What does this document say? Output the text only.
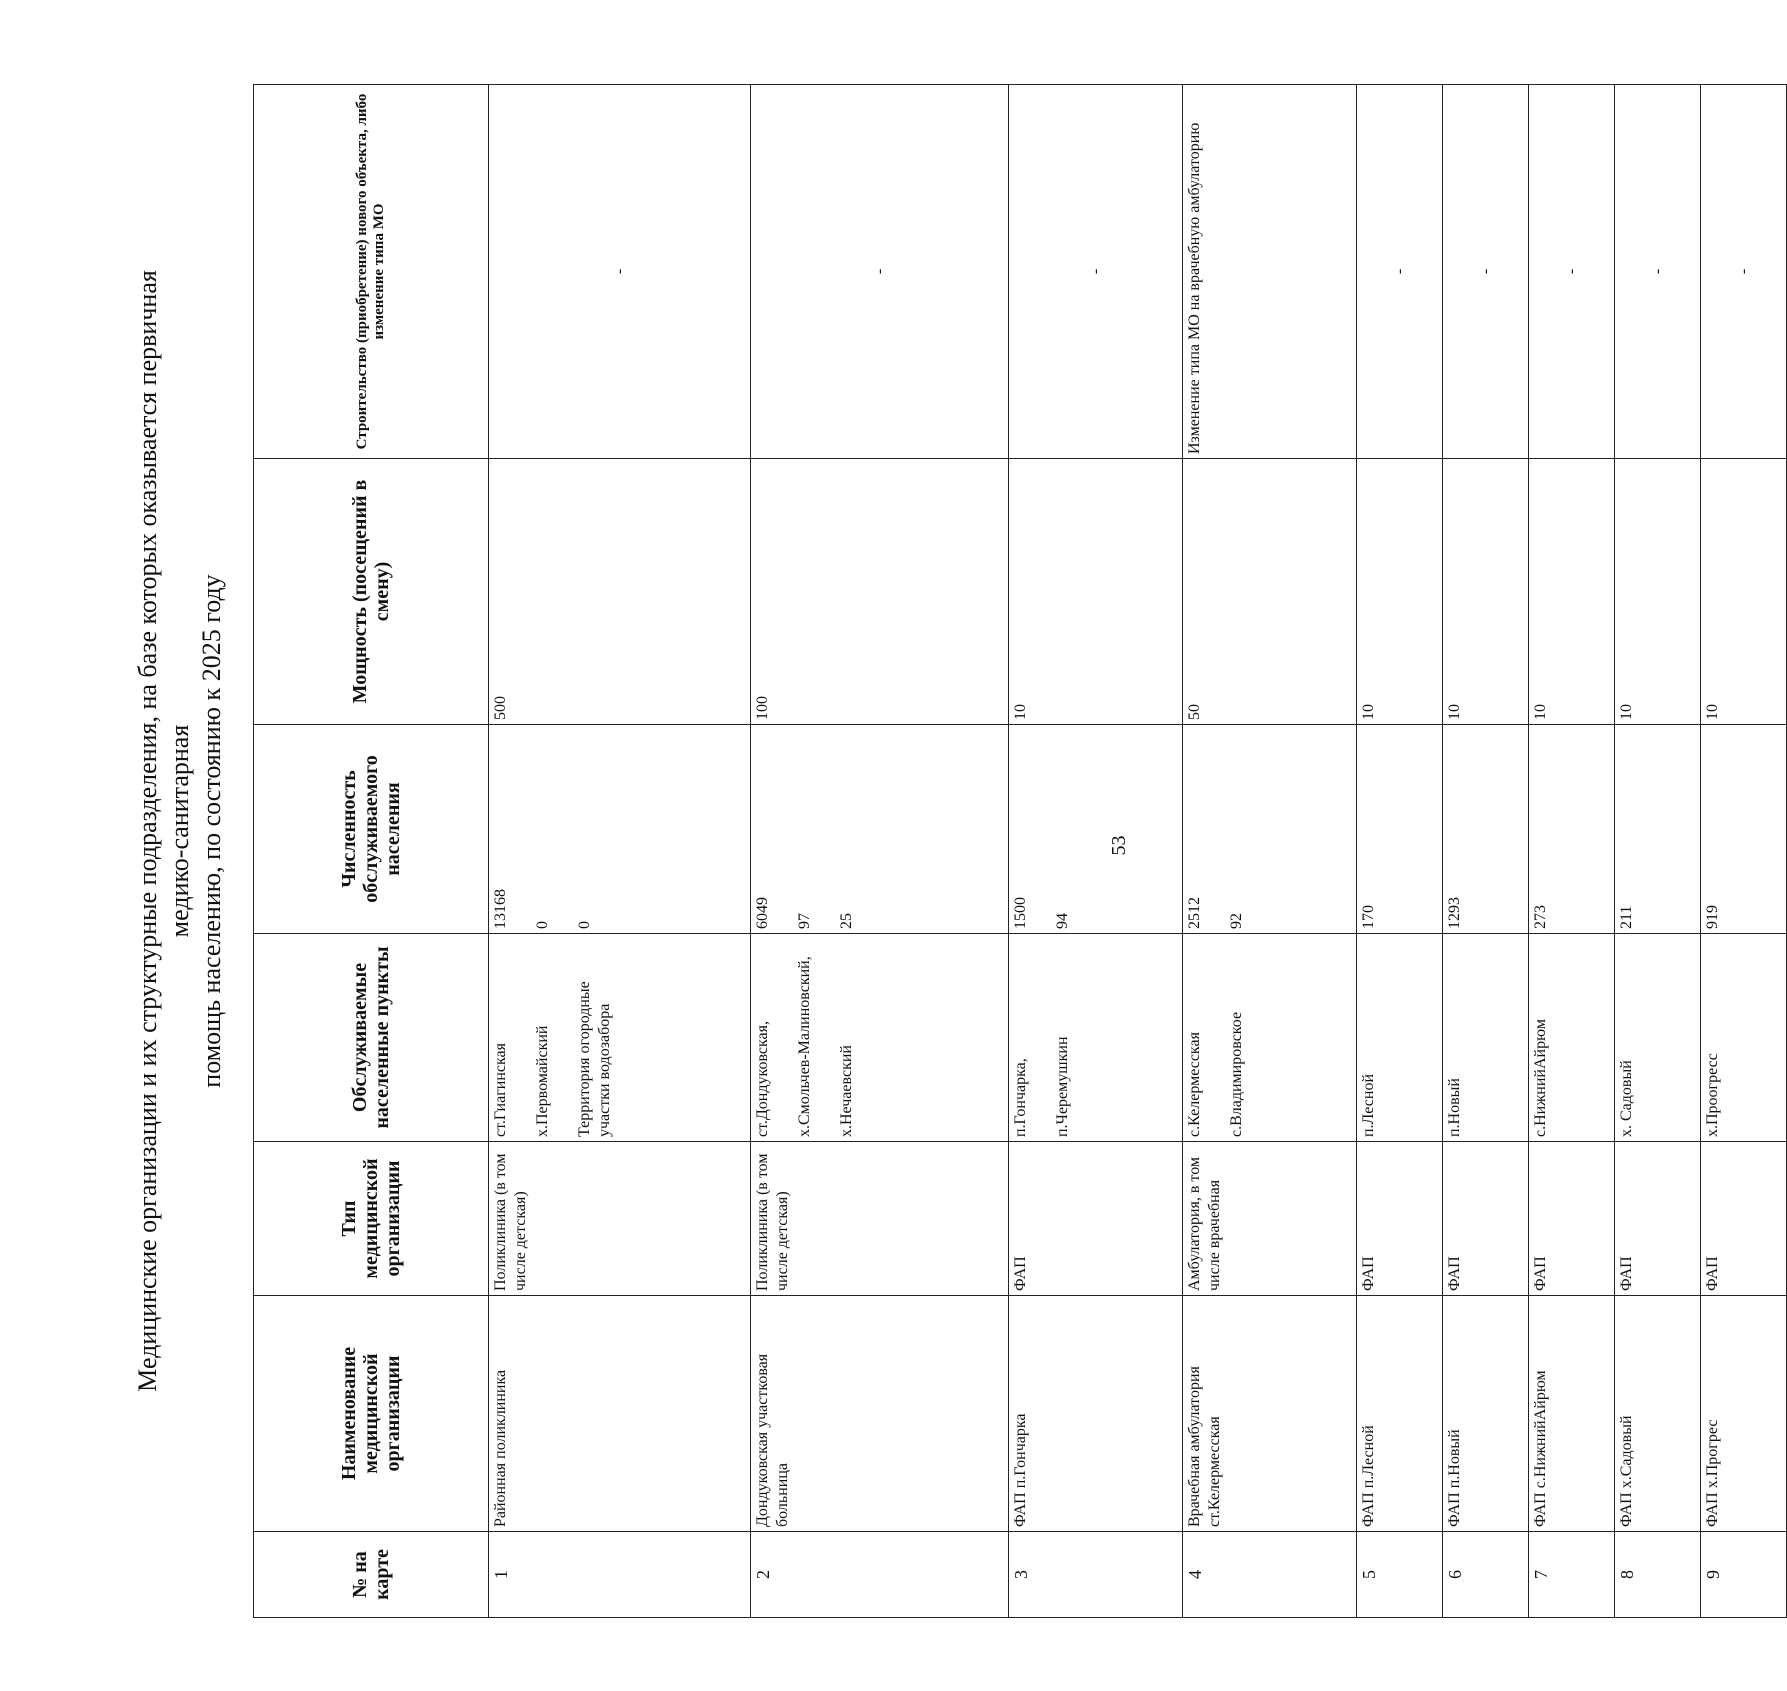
53
Медицинские организации и их структурные подразделения, на базе которых оказывается первичная медико-санитарная помощь населению, по состоянию к 2025 году
№ на карте	Наименование медицинской организации	Тип медицинской организации	Обслуживаемые населенные пункты	Численность обслуживаемого населения	Мощность (посещений в смену)	Строительство (приобретение) нового объекта, либо изменение типа МО
1	Районная поликлиника	Поликлиника (в том числе детская)	ст.Гиагинская х.Первомайский Территория огородные участки водозабора	13168 0 0	500	-
2	Дондуковская участковая больница	Поликлиника (в том числе детская)	ст.Дондуковская, х.Смольчев-Малиновский, х.Нечаевский	6049 97 25	100	-
3	ФАП п.Гончарка	ФАП	п.Гончарка, п.Черемушкин	1500 94	10	-
4	Врачебная амбулатория ст.Келермесская	Амбулатория, в том числе врачебная	с.Келермесская с.Владимировское	2512 92	50	Изменение типа МО на врачебную амбулаторию
5	ФАП п.Лесной	ФАП	п.Лесной	170	10	-
6	ФАП п.Новый	ФАП	п.Новый	1293	10	-
7	ФАП с.НижнийАйрюм	ФАП	с.НижнийАйрюм	273	10	-
8	ФАП х.Садовый	ФАП	х. Садовый	211	10	-
9	ФАП х.Прогрес	ФАП	х.Проогресс	919	10	-
